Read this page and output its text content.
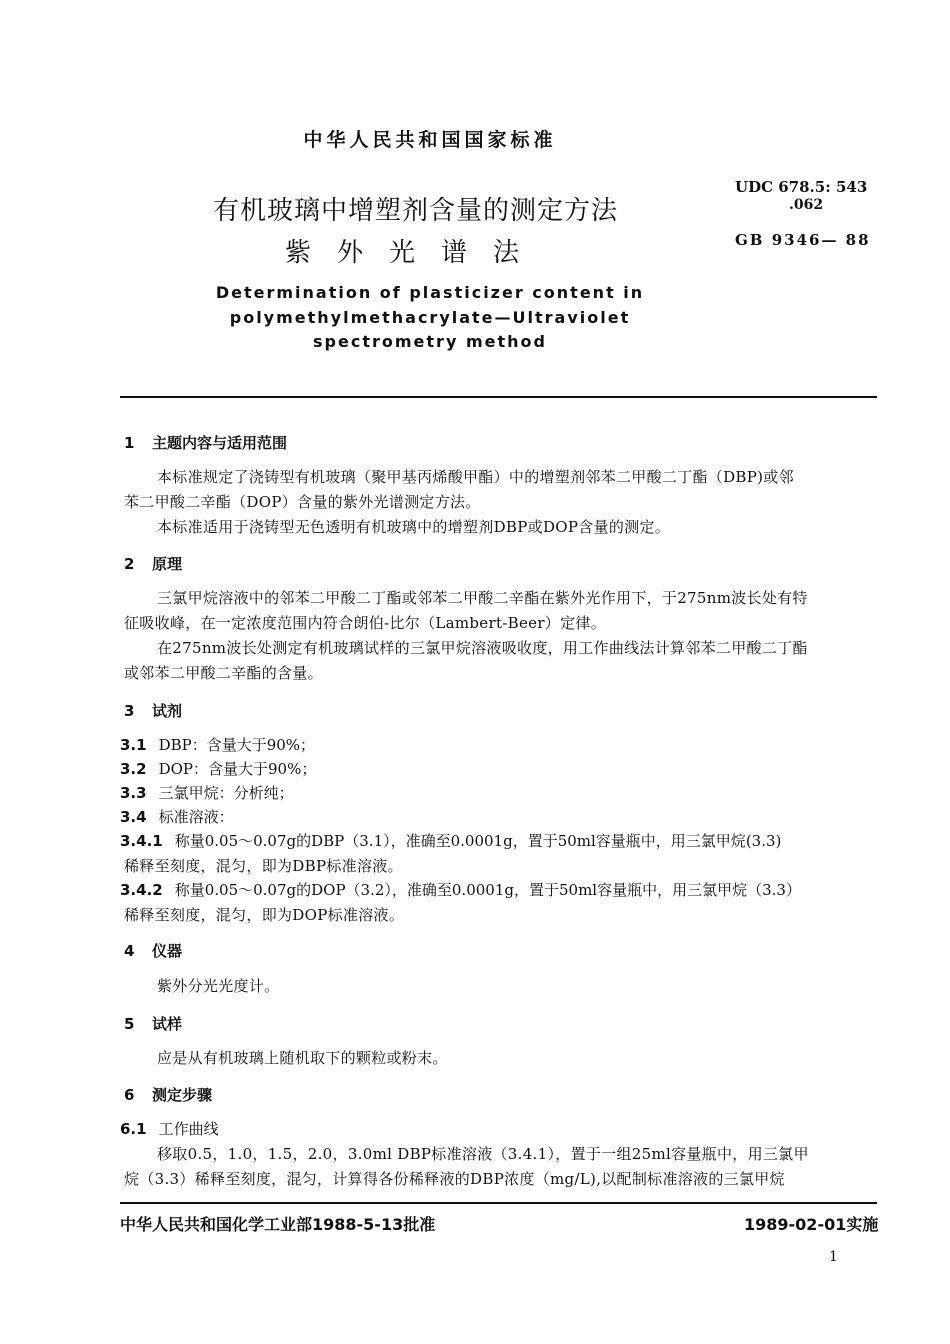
中华人民共和国国家标准
有机玻璃中增塑剂含量的测定方法
紫外光谱法
UDC 678.5: 543
.062
GB 9346— 88
Determination of plasticizer content in
polymethylmethacrylate—Ultraviolet
spectrometry method
1 主题内容与适用范围
本标准规定了浇铸型有机玻璃（聚甲基丙烯酸甲酯）中的增塑剂邻苯二甲酸二丁酯（DBP)或邻
苯二甲酸二辛酯（DOP）含量的紫外光谱测定方法。
本标准适用于浇铸型无色透明有机玻璃中的增塑剂DBP或DOP含量的测定。
2 原理
三氯甲烷溶液中的邻苯二甲酸二丁酯或邻苯二甲酸二辛酯在紫外光作用下，于275nm波长处有特
征吸收峰，在一定浓度范围内符合朗伯-比尔（Lambert-Beer）定律。
在275nm波长处测定有机玻璃试样的三氯甲烷溶液吸收度，用工作曲线法计算邻苯二甲酸二丁酯
或邻苯二甲酸二辛酯的含量。
3 试剂
3.1 DBP：含量大于90%；
3.2 DOP：含量大于90%；
3.3 三氯甲烷：分析纯；
3.4 标准溶液：
3.4.1 称量0.05～0.07g的DBP（3.1），准确至0.0001g，置于50ml容量瓶中，用三氯甲烷(3.3)
稀释至刻度，混匀，即为DBP标准溶液。
3.4.2 称量0.05～0.07g的DOP（3.2），准确至0.0001g，置于50ml容量瓶中，用三氯甲烷（3.3）
稀释至刻度，混匀，即为DOP标准溶液。
4 仪器
紫外分光光度计。
5 试样
应是从有机玻璃上随机取下的颗粒或粉末。
6 测定步骤
6.1 工作曲线
移取0.5，1.0，1.5，2.0，3.0ml DBP标准溶液（3.4.1），置于一组25ml容量瓶中，用三氯甲
烷（3.3）稀释至刻度，混匀，计算得各份稀释液的DBP浓度（mg/L),以配制标准溶液的三氯甲烷
中华人民共和国化学工业部1988-5-13批准	1989-02-01实施
1
